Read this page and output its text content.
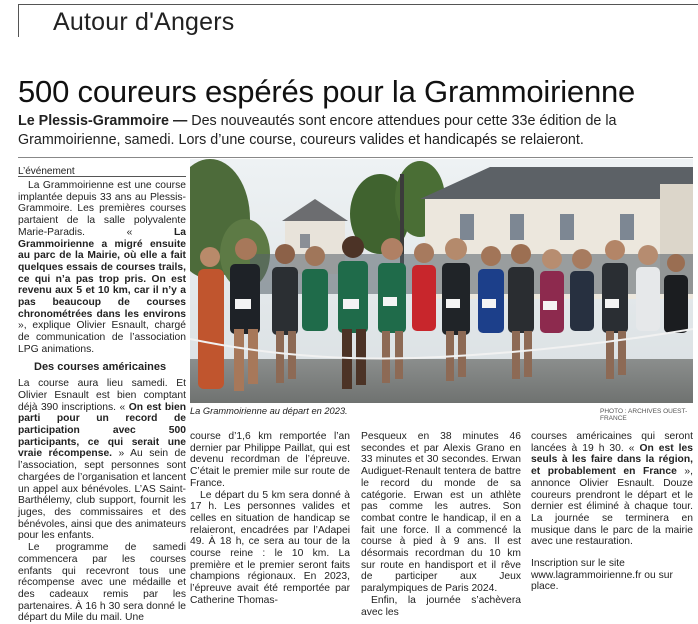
Autour d'Angers
500 coureurs espérés pour la Grammoirienne
Le Plessis-Grammoire — Des nouveautés sont encore attendues pour cette 33e édition de la Grammoirienne, samedi. Lors d’une course, coureurs valides et handicapés se relaieront.
L’événement

La Grammoirienne est une course implantée depuis 33 ans au Plessis-Grammoire. Les premières courses partaient de la salle polyvalente Marie-Paradis. « La Grammoirienne a migré ensuite au parc de la Mairie, où elle a fait quelques essais de courses trails, ce qui n’a pas trop pris. On est revenu aux 5 et 10 km, car il n’y a pas beaucoup de courses chronométrées dans les environs », explique Olivier Esnault, chargé de communication de l’association LPG animations.

Des courses américaines

La course aura lieu samedi. Et Olivier Esnault est bien comptant déjà 390 inscriptions. « On est bien parti pour un record de participation avec 500 participants, ce qui serait une vraie récompense. » Au sein de l’association, sept personnes sont chargées de l’organisation et lancent un appel aux bénévoles. L’AS Saint-Barthélemy, club support, fournit les juges, des commissaires et des bénévoles, ainsi que des animateurs pour les enfants.

Le programme de samedi commencera par les courses enfants qui recevront tous une récompense avec une médaille et des cadeaux remis par les partenaires. À 16 h 30 sera donné le départ du Mile du mail. Une

La Grammoirienne au départ en 2023.	PHOTO : ARCHIVES OUEST-FRANCE

course d’1,6 km remportée l’an dernier par Philippe Paillat, qui est devenu recordman de l’épreuve. C’était le premier mile sur route de France.

Le départ du 5 km sera donné à 17 h. Les personnes valides et celles en situation de handicap se relaieront, encadrées par l’Adapei 49. À 18 h, ce sera au tour de la course reine : le 10 km. La première et le premier seront faits champions régionaux. En 2023, l’épreuve avait été remportée par Catherine Thomas-

Pesqueux en 38 minutes 46 secondes et par Alexis Grano en 33 minutes et 30 secondes. Erwan Audiguet-Renault tentera de battre le record du monde de sa catégorie. Erwan est un athlète pas comme les autres. Son combat contre le handicap, il en a fait une force. Il a commencé la course à pied à 9 ans. Il est désormais recordman du 10 km sur route en handisport et il rêve de participer aux Jeux paralympiques de Paris 2024.

Enfin, la journée s’achèvera avec les

courses américaines qui seront lancées à 19 h 30. « On est les seuls à les faire dans la région, et probablement en France », annonce Olivier Esnault. Douze coureurs prendront le départ et le dernier est éliminé à chaque tour. La journée se terminera en musique dans le parc de la mairie avec une restauration.

Inscription sur le site www.lagrammoirienne.fr ou sur place.
